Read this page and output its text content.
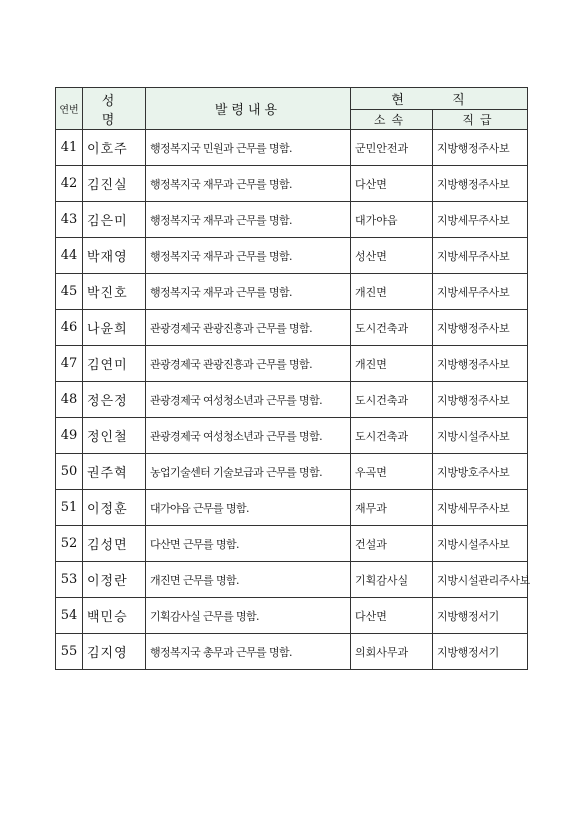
연번	성 명	발령내용	현 직	
			소속	직급
41	이호주	행정복지국 민원과 근무를 명함.	군민안전과	지방행정주사보
42	김진실	행정복지국 재무과 근무를 명함.	다산면	지방행정주사보
43	김은미	행정복지국 재무과 근무를 명함.	대가야읍	지방세무주사보
44	박재영	행정복지국 재무과 근무를 명함.	성산면	지방세무주사보
45	박진호	행정복지국 재무과 근무를 명함.	개진면	지방세무주사보
46	나윤희	관광경제국 관광진흥과 근무를 명함.	도시건축과	지방행정주사보
47	김연미	관광경제국 관광진흥과 근무를 명함.	개진면	지방행정주사보
48	정은정	관광경제국 여성청소년과 근무를 명함.	도시건축과	지방행정주사보
49	정인철	관광경제국 여성청소년과 근무를 명함.	도시건축과	지방시설주사보
50	권주혁	농업기술센터 기술보급과 근무를 명함.	우곡면	지방방호주사보
51	이정훈	대가야읍 근무를 명함.	재무과	지방세무주사보
52	김성면	다산면 근무를 명함.	건설과	지방시설주사보
53	이정란	개진면 근무를 명함.	기획감사실	지방시설관리주사보
54	백민승	기획감사실 근무를 명함.	다산면	지방행정서기
55	김지영	행정복지국 총무과 근무를 명함.	의회사무과	지방행정서기
